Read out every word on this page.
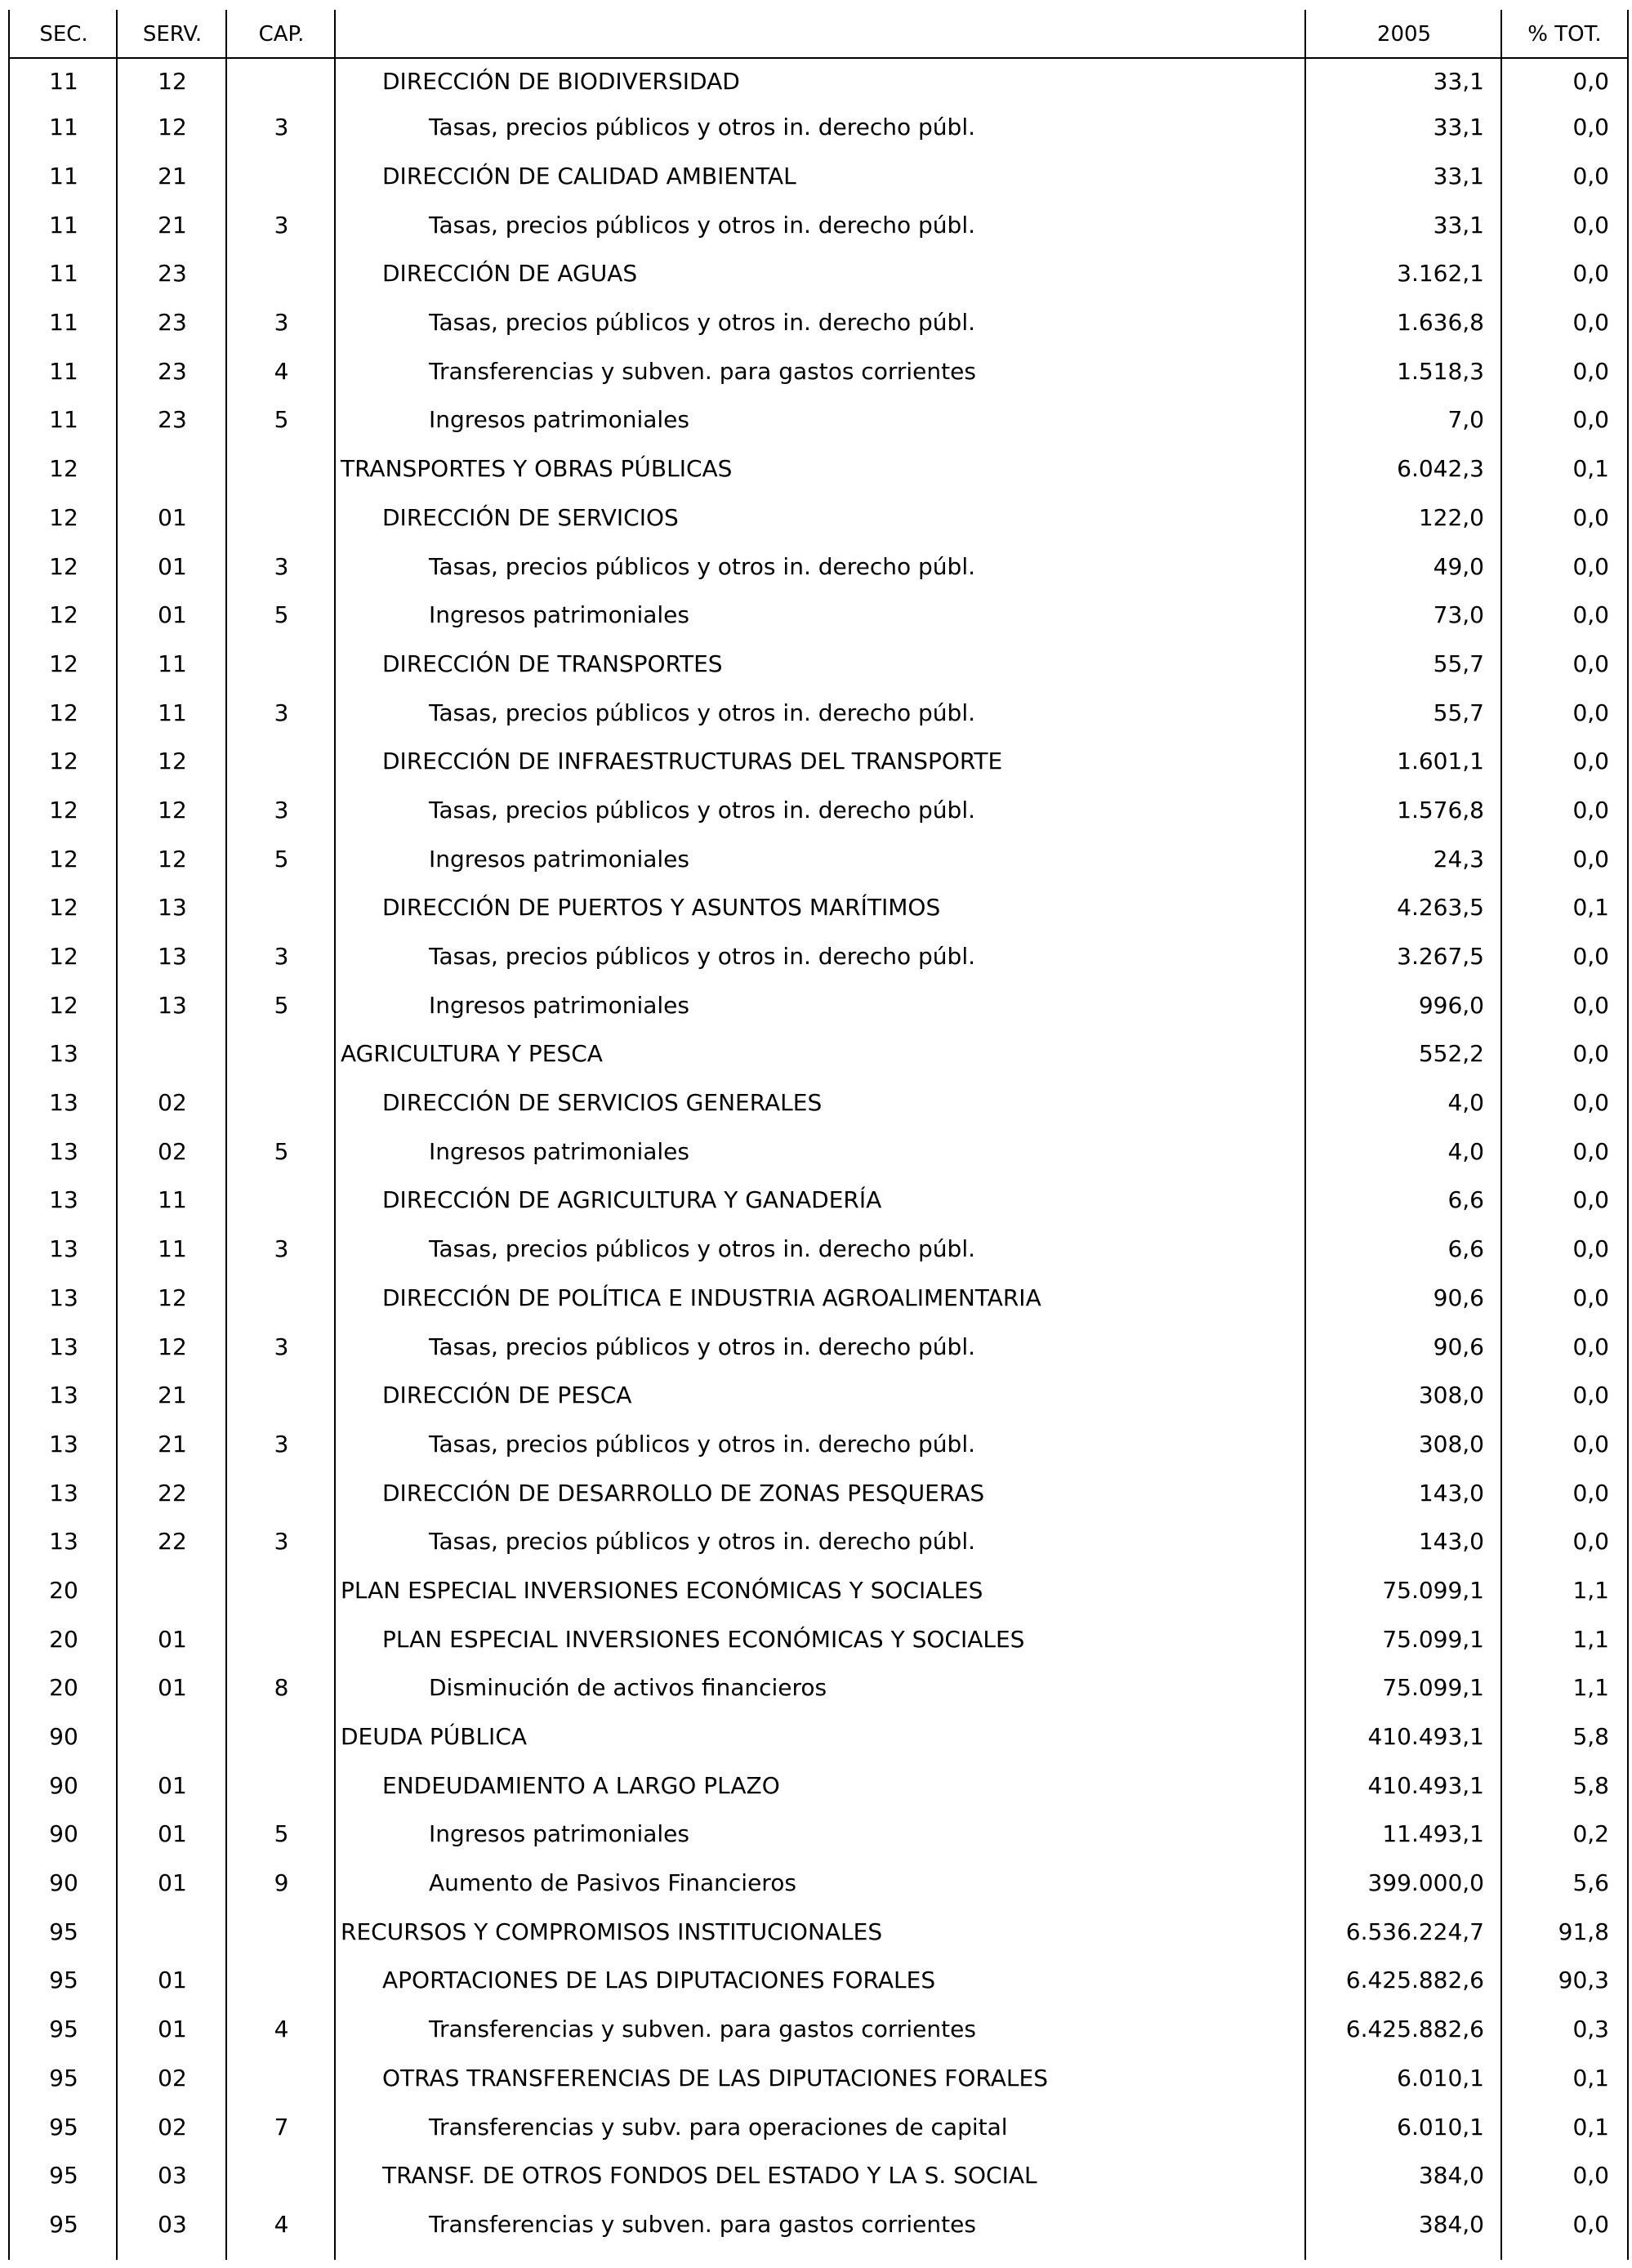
SEC.	SERV.	CAP.		2005	% TOT.
11	12		DIRECCIÓN DE BIODIVERSIDAD	33,1	0,0
11	12	3	Tasas, precios públicos y otros in. derecho públ.	33,1	0,0
11	21		DIRECCIÓN DE CALIDAD AMBIENTAL	33,1	0,0
11	21	3	Tasas, precios públicos y otros in. derecho públ.	33,1	0,0
11	23		DIRECCIÓN DE AGUAS	3.162,1	0,0
11	23	3	Tasas, precios públicos y otros in. derecho públ.	1.636,8	0,0
11	23	4	Transferencias y subven. para gastos corrientes	1.518,3	0,0
11	23	5	Ingresos patrimoniales	7,0	0,0
12			TRANSPORTES Y OBRAS PÚBLICAS	6.042,3	0,1
12	01		DIRECCIÓN DE SERVICIOS	122,0	0,0
12	01	3	Tasas, precios públicos y otros in. derecho públ.	49,0	0,0
12	01	5	Ingresos patrimoniales	73,0	0,0
12	11		DIRECCIÓN DE TRANSPORTES	55,7	0,0
12	11	3	Tasas, precios públicos y otros in. derecho públ.	55,7	0,0
12	12		DIRECCIÓN DE INFRAESTRUCTURAS DEL TRANSPORTE	1.601,1	0,0
12	12	3	Tasas, precios públicos y otros in. derecho públ.	1.576,8	0,0
12	12	5	Ingresos patrimoniales	24,3	0,0
12	13		DIRECCIÓN DE PUERTOS Y ASUNTOS MARÍTIMOS	4.263,5	0,1
12	13	3	Tasas, precios públicos y otros in. derecho públ.	3.267,5	0,0
12	13	5	Ingresos patrimoniales	996,0	0,0
13			AGRICULTURA Y PESCA	552,2	0,0
13	02		DIRECCIÓN DE SERVICIOS GENERALES	4,0	0,0
13	02	5	Ingresos patrimoniales	4,0	0,0
13	11		DIRECCIÓN DE AGRICULTURA Y GANADERÍA	6,6	0,0
13	11	3	Tasas, precios públicos y otros in. derecho públ.	6,6	0,0
13	12		DIRECCIÓN DE POLÍTICA E INDUSTRIA AGROALIMENTARIA	90,6	0,0
13	12	3	Tasas, precios públicos y otros in. derecho públ.	90,6	0,0
13	21		DIRECCIÓN DE PESCA	308,0	0,0
13	21	3	Tasas, precios públicos y otros in. derecho públ.	308,0	0,0
13	22		DIRECCIÓN DE DESARROLLO DE ZONAS PESQUERAS	143,0	0,0
13	22	3	Tasas, precios públicos y otros in. derecho públ.	143,0	0,0
20			PLAN ESPECIAL INVERSIONES ECONÓMICAS Y SOCIALES	75.099,1	1,1
20	01		PLAN ESPECIAL INVERSIONES ECONÓMICAS Y SOCIALES	75.099,1	1,1
20	01	8	Disminución de activos financieros	75.099,1	1,1
90			DEUDA PÚBLICA	410.493,1	5,8
90	01		ENDEUDAMIENTO A LARGO PLAZO	410.493,1	5,8
90	01	5	Ingresos patrimoniales	11.493,1	0,2
90	01	9	Aumento de Pasivos Financieros	399.000,0	5,6
95			RECURSOS Y COMPROMISOS INSTITUCIONALES	6.536.224,7	91,8
95	01		APORTACIONES DE LAS DIPUTACIONES FORALES	6.425.882,6	90,3
95	01	4	Transferencias y subven. para gastos corrientes	6.425.882,6	0,3
95	02		OTRAS TRANSFERENCIAS DE LAS DIPUTACIONES FORALES	6.010,1	0,1
95	02	7	Transferencias y subv. para operaciones de capital	6.010,1	0,1
95	03		TRANSF. DE OTROS FONDOS DEL ESTADO Y LA S. SOCIAL	384,0	0,0
95	03	4	Transferencias y subven. para gastos corrientes	384,0	0,0
